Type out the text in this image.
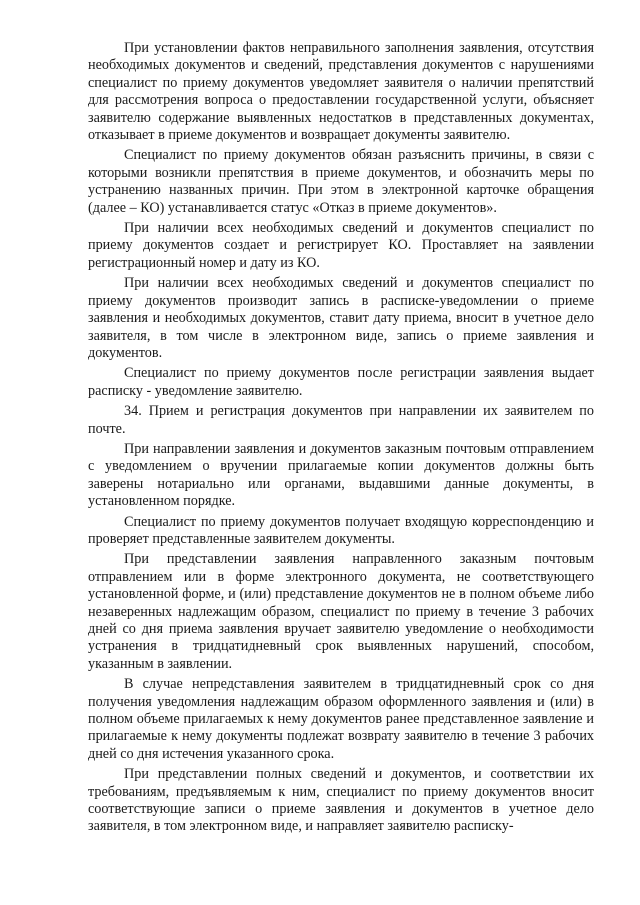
При установлении фактов неправильного заполнения заявления, отсутствия необходимых документов и сведений, представления документов с нарушениями специалист по приему документов уведомляет заявителя о наличии препятствий для рассмотрения вопроса о предоставлении государственной услуги, объясняет заявителю содержание выявленных недостатков в представленных документах, отказывает в приеме документов и возвращает документы заявителю.

Специалист по приему документов обязан разъяснить причины, в связи с которыми возникли препятствия в приеме документов, и обозначить меры по устранению названных причин. При этом в электронной карточке обращения (далее – КО) устанавливается статус «Отказ в приеме документов».

При наличии всех необходимых сведений и документов специалист по приему документов создает и регистрирует КО. Проставляет на заявлении регистрационный номер и дату из КО.

При наличии всех необходимых сведений и документов специалист по приему документов производит запись в расписке-уведомлении о приеме заявления и необходимых документов, ставит дату приема, вносит в учетное дело заявителя, в том числе в электронном виде, запись о приеме заявления и документов.

Специалист по приему документов после регистрации заявления выдает расписку - уведомление заявителю.

34. Прием и регистрация документов при направлении их заявителем по почте.

При направлении заявления и документов заказным почтовым отправлением с уведомлением о вручении прилагаемые копии документов должны быть заверены нотариально или органами, выдавшими данные документы, в установленном порядке.

Специалист по приему документов получает входящую корреспонденцию и проверяет представленные заявителем документы.

При представлении заявления направленного заказным почтовым отправлением или в форме электронного документа, не соответствующего установленной форме, и (или) представление документов не в полном объеме либо незаверенных надлежащим образом, специалист по приему в течение 3 рабочих дней со дня приема заявления вручает заявителю уведомление о необходимости устранения в тридцатидневный срок выявленных нарушений, способом, указанным в заявлении.

В случае непредставления заявителем в тридцатидневный срок со дня получения уведомления надлежащим образом оформленного заявления и (или) в полном объеме прилагаемых к нему документов ранее представленное заявление и прилагаемые к нему документы подлежат возврату заявителю в течение 3 рабочих дней со дня истечения указанного срока.

При представлении полных сведений и документов, и соответствии их требованиям, предъявляемым к ним, специалист по приему документов вносит соответствующие записи о приеме заявления и документов в учетное дело заявителя, в том электронном виде, и направляет заявителю расписку-
